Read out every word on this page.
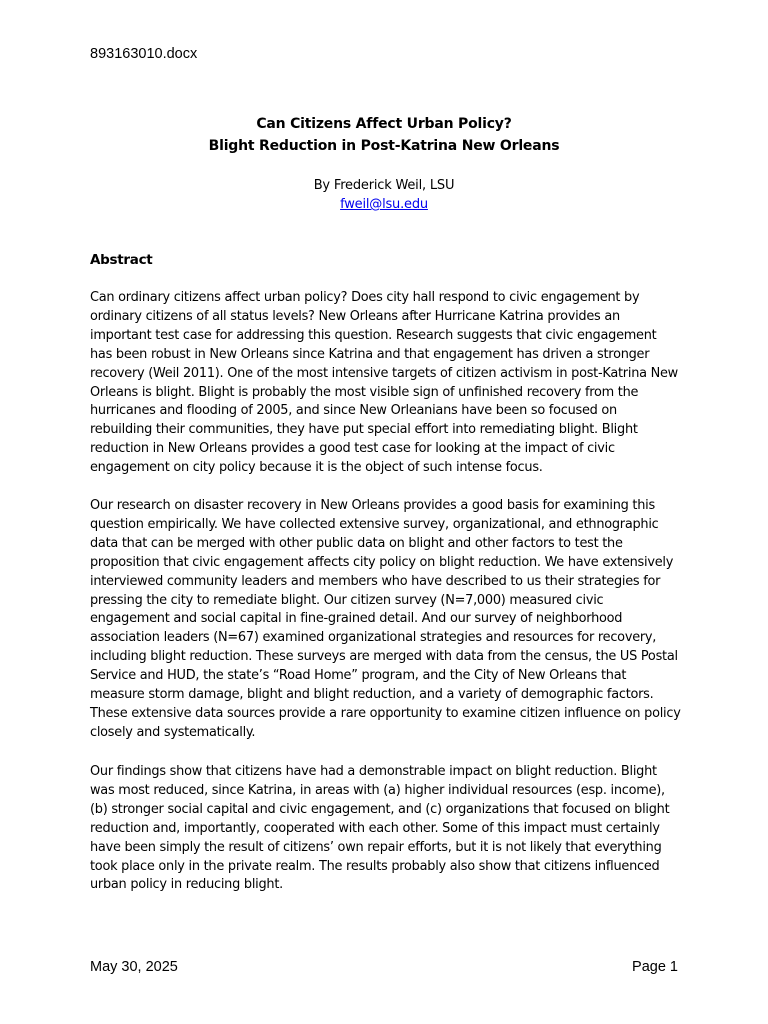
893163010.docx
Can Citizens Affect Urban Policy?
Blight Reduction in Post-Katrina New Orleans
By Frederick Weil, LSU
fweil@lsu.edu
Abstract

Can ordinary citizens affect urban policy? Does city hall respond to civic engagement by ordinary citizens of all status levels? New Orleans after Hurricane Katrina provides an important test case for addressing this question. Research suggests that civic engagement has been robust in New Orleans since Katrina and that engagement has driven a stronger recovery (Weil 2011). One of the most intensive targets of citizen activism in post-Katrina New Orleans is blight. Blight is probably the most visible sign of unfinished recovery from the hurricanes and flooding of 2005, and since New Orleanians have been so focused on rebuilding their communities, they have put special effort into remediating blight. Blight reduction in New Orleans provides a good test case for looking at the impact of civic engagement on city policy because it is the object of such intense focus.

Our research on disaster recovery in New Orleans provides a good basis for examining this question empirically. We have collected extensive survey, organizational, and ethnographic data that can be merged with other public data on blight and other factors to test the proposition that civic engagement affects city policy on blight reduction. We have extensively interviewed community leaders and members who have described to us their strategies for pressing the city to remediate blight. Our citizen survey (N=7,000) measured civic engagement and social capital in fine-grained detail. And our survey of neighborhood association leaders (N=67) examined organizational strategies and resources for recovery, including blight reduction. These surveys are merged with data from the census, the US Postal Service and HUD, the state’s “Road Home” program, and the City of New Orleans that measure storm damage, blight and blight reduction, and a variety of demographic factors. These extensive data sources provide a rare opportunity to examine citizen influence on policy closely and systematically.

Our findings show that citizens have had a demonstrable impact on blight reduction. Blight was most reduced, since Katrina, in areas with (a) higher individual resources (esp. income), (b) stronger social capital and civic engagement, and (c) organizations that focused on blight reduction and, importantly, cooperated with each other. Some of this impact must certainly have been simply the result of citizens’ own repair efforts, but it is not likely that everything took place only in the private realm. The results probably also show that citizens influenced urban policy in reducing blight.

May 30, 2025	Page 1
